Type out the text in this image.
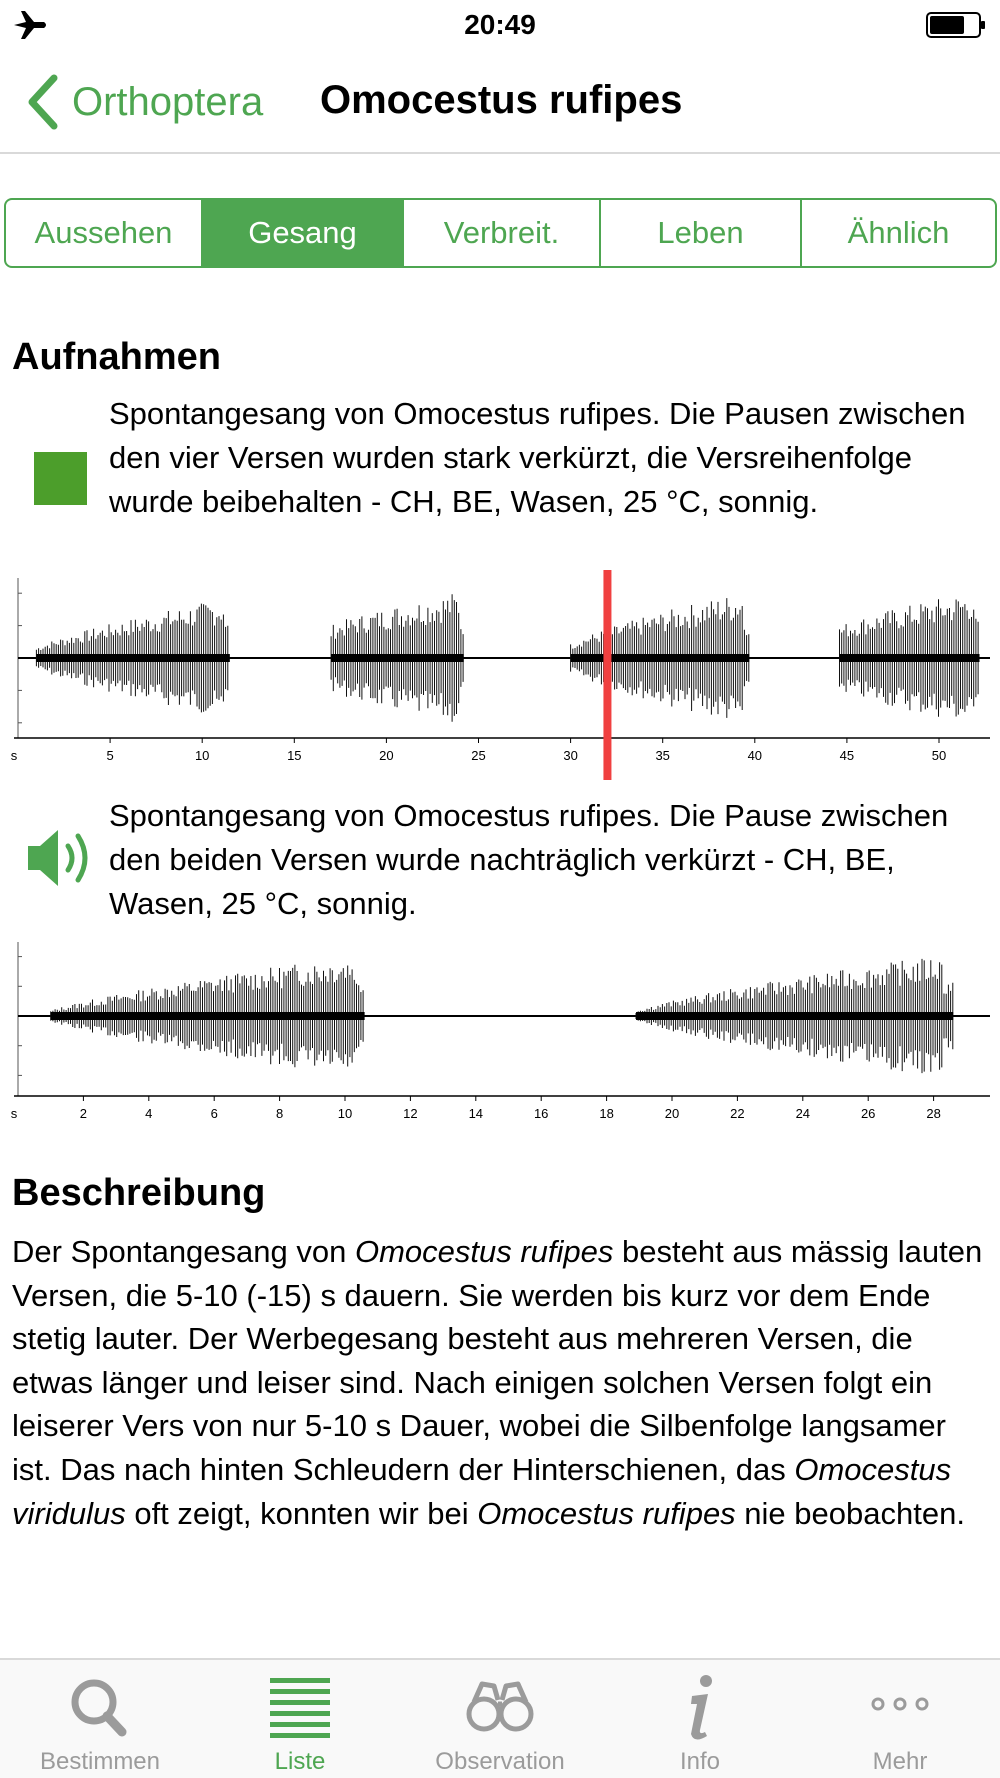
20:49
Orthoptera Omocestus rufipes
Aussehen	Gesang	Verbreit.	Leben	Ähnlich
Aufnahmen

Spontangesang von Omocestus rufipes. Die Pausen zwischen den vier Versen wurden stark verkürzt, die Versreihenfolge wurde beibehalten - CH, BE, Wasen, 25 °C, sonnig.

s	5	10	15	20	25	30	35	40	45	50

Spontangesang von Omocestus rufipes. Die Pause zwischen den beiden Versen wurde nachträglich verkürzt - CH, BE, Wasen, 25 °C, sonnig.

s	2	4	6	8	10	12	14	16	18	20	22	24	26	28
Beschreibung

Der Spontangesang von Omocestus rufipes besteht aus mässig lauten Versen, die 5-10 (-15) s dauern. Sie werden bis kurz vor dem Ende stetig lauter. Der Werbegesang besteht aus mehreren Versen, die etwas länger und leiser sind. Nach einigen solchen Versen folgt ein leiserer Vers von nur 5-10 s Dauer, wobei die Silbenfolge langsamer ist. Das nach hinten Schleudern der Hinterschienen, das Omocestus viridulus oft zeigt, konnten wir bei Omocestus rufipes nie beobachten.

Bestimmen	Liste	Observation	Info	Mehr
